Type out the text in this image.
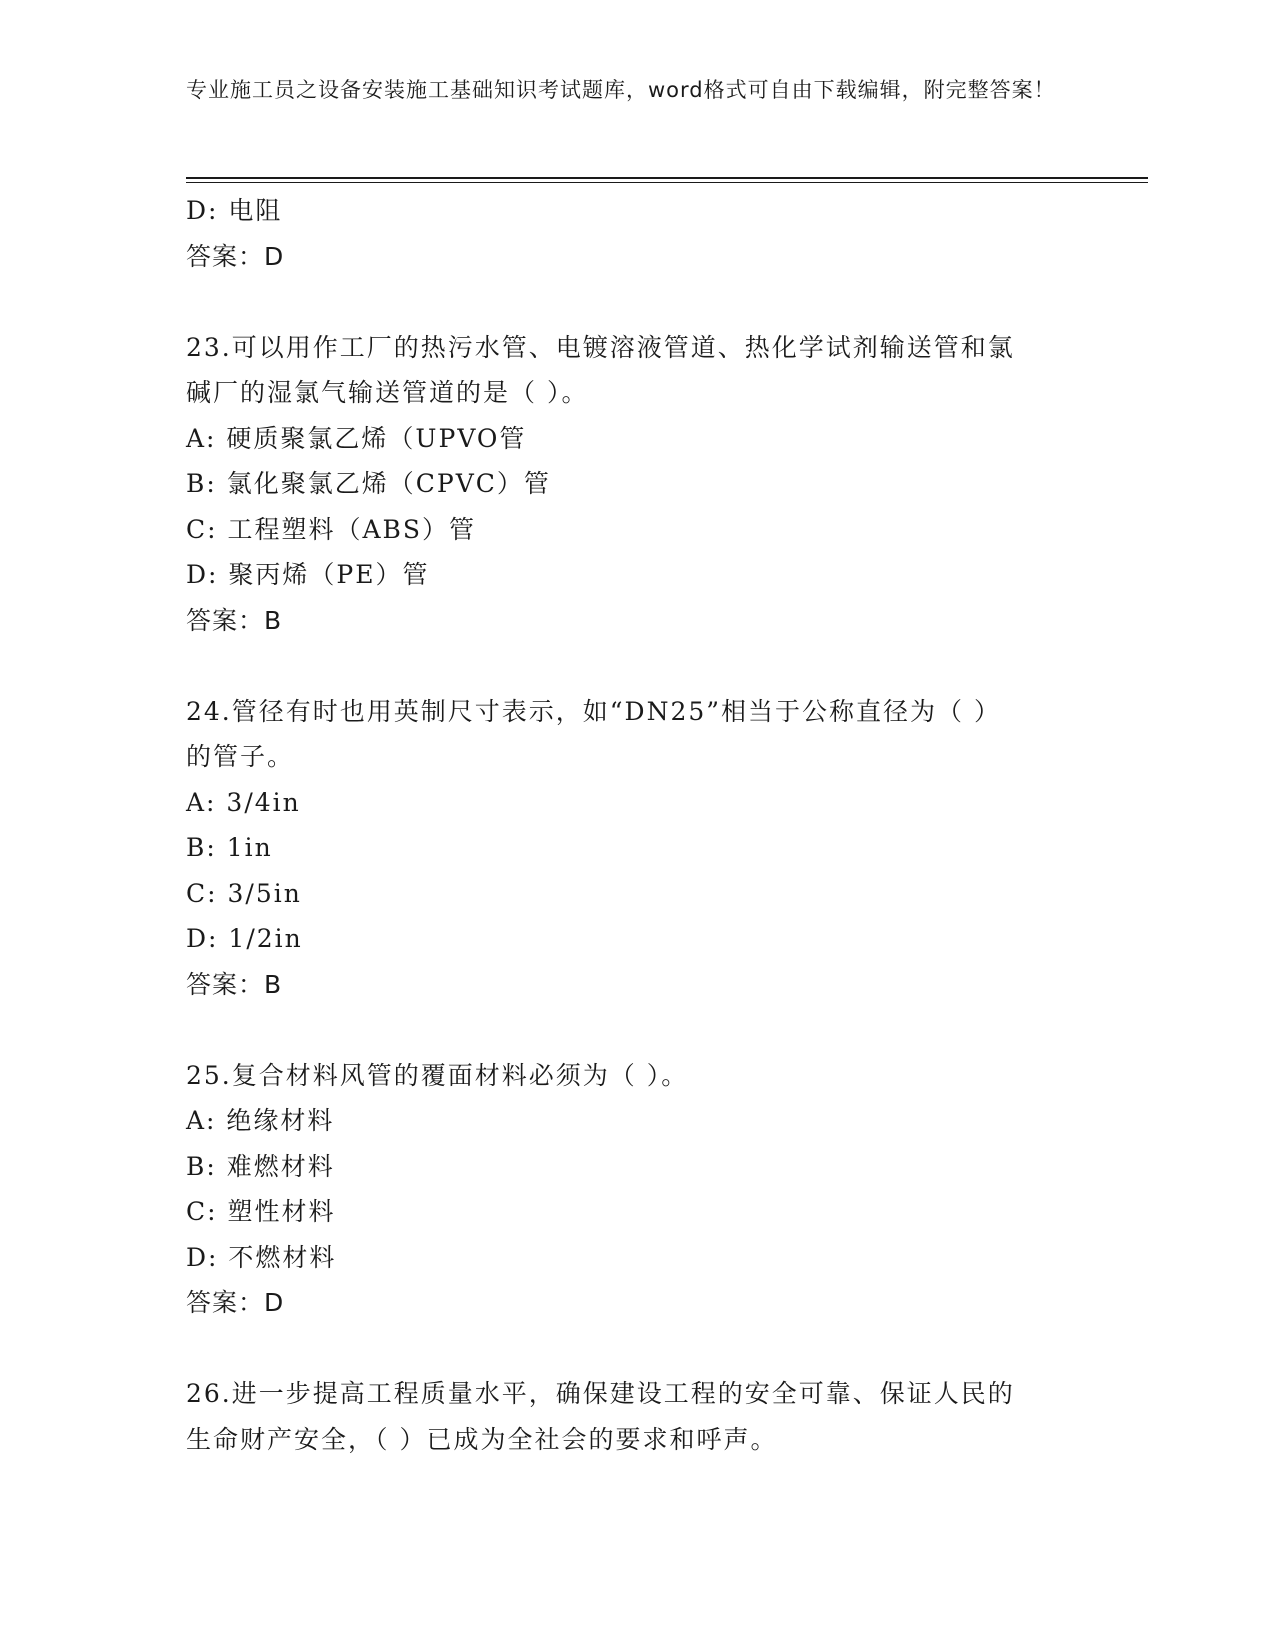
专业施工员之设备安装施工基础知识考试题库，word格式可自由下载编辑，附完整答案！
D: 电阻
答案：D
23.可以用作工厂的热污水管、电镀溶液管道、热化学试剂输送管和氯
碱厂的湿氯气输送管道的是（ ）。
A: 硬质聚氯乙烯（UPVO管
B: 氯化聚氯乙烯（CPVC）管
C: 工程塑料（ABS）管
D: 聚丙烯（PE）管
答案：B
24.管径有时也用英制尺寸表示，如“DN25”相当于公称直径为（ ）
的管子。
A: 3/4in
B: 1in
C: 3/5in
D: 1/2in
答案：B
25.复合材料风管的覆面材料必须为（ ）。
A: 绝缘材料
B: 难燃材料
C: 塑性材料
D: 不燃材料
答案：D
26.进一步提高工程质量水平，确保建设工程的安全可靠、保证人民的
生命财产安全，（ ）已成为全社会的要求和呼声。
